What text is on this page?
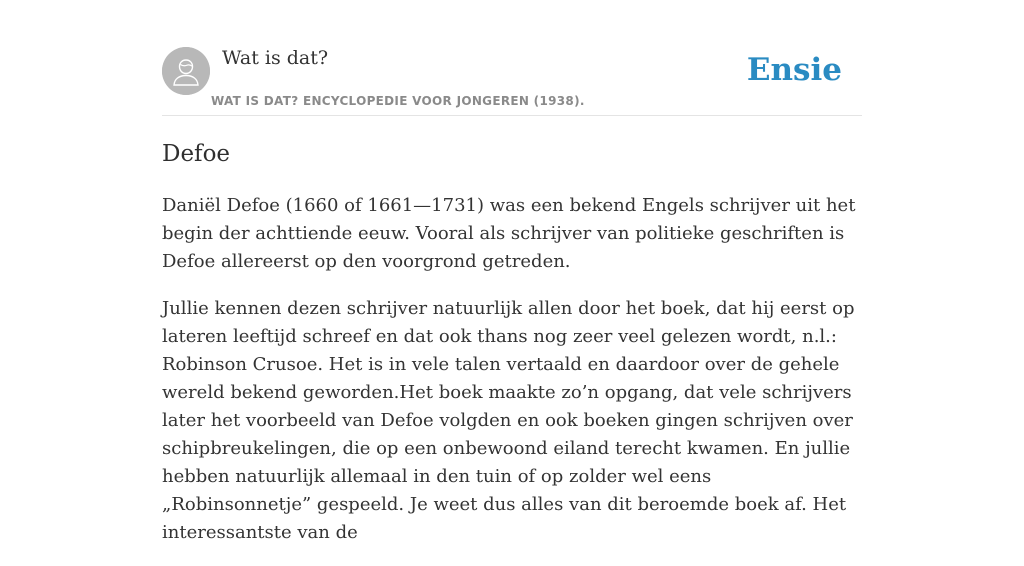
Wat is dat?
WAT IS DAT? ENCYCLOPEDIE VOOR JONGEREN (1938).
Ensie
Defoe

Daniël Defoe (1660 of 1661—1731) was een bekend Engels schrijver uit het begin der achttiende eeuw. Vooral als schrijver van politieke geschriften is Defoe allereerst op den voorgrond getreden.

Jullie kennen dezen schrijver natuurlijk allen door het boek, dat hij eerst op lateren leeftijd schreef en dat ook thans nog zeer veel gelezen wordt, n.l.: Robinson Crusoe. Het is in vele talen vertaald en daardoor over de gehele wereld bekend geworden.Het boek maakte zo’n opgang, dat vele schrijvers later het voorbeeld van Defoe volgden en ook boeken gingen schrijven over schipbreukelingen, die op een onbewoond eiland terecht kwamen. En jullie hebben natuurlijk allemaal in den tuin of op zolder wel eens „Robinsonnetje” gespeeld. Je weet dus alles van dit beroemde boek af. Het interessantste van de
